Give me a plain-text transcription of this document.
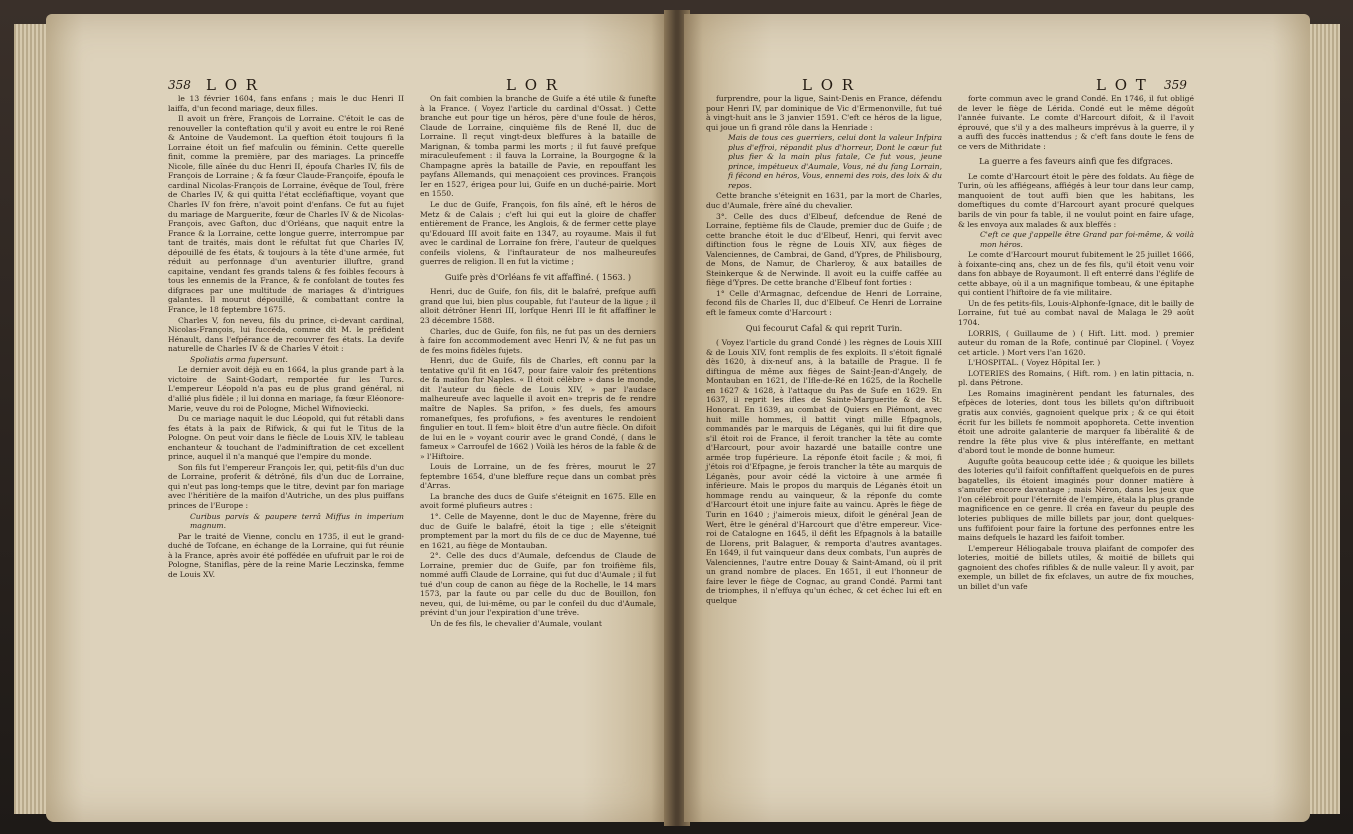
358 L O R	L O R

le 13 février 1604, fans enfans ; mais le duc Henri II laiffa, d'un fecond mariage, deux filles.

Il avoit un frère, François de Lorraine. C'étoit le cas de renouveller la conteftation qu'il y avoit eu entre le roi René & Antoine de Vaudemont. La queftion étoit toujours fi la Lorraine étoit un fief mafculin ou féminin. Cette querelle finit, comme la première, par des mariages. La princeffe Nicole, fille aînée du duc Henri II, époufa Charles IV, fils de François de Lorraine ; & fa fœur Claude-Françoife, époufa le cardinal Nicolas-François de Lorraine, évêque de Toul, frère de Charles IV, & qui quitta l'état eccléfiaftique, voyant que Charles IV fon frère, n'avoit point d'enfans. Ce fut au fujet du mariage de Marguerite, fœur de Charles IV & de Nicolas-François, avec Gafton, duc d'Orléans, que naquit entre la France & la Lorraine, cette longue guerre, interrompue par tant de traités, mais dont le réfultat fut que Charles IV, dépouillé de fes états, & toujours à la tête d'une armée, fut réduit au perfonnage d'un aventurier illuftre, grand capitaine, vendant fes grands talens & fes foibles fecours à tous les ennemis de la France, & fe confolant de toutes fes difgraces par une multitude de mariages & d'intrigues galantes. Il mourut dépouillé, & combattant contre la France, le 18 feptembre 1675.

Charles V, fon neveu, fils du prince, ci-devant cardinal, Nicolas-François, lui fuccéda, comme dit M. le préfident Hénault, dans l'efpérance de recouvrer fes états. La devife naturelle de Charles IV & de Charles V étoit :

Spoliatis arma fupersunt.

Le dernier avoit déjà eu en 1664, la plus grande part à la victoire de Saint-Godart, remportée fur les Turcs. L'empereur Léopold n'a pas eu de plus grand général, ni d'allié plus fidèle ; il lui donna en mariage, fa fœur Eléonore-Marie, veuve du roi de Pologne, Michel Wifnoviecki.

Du ce mariage naquit le duc Léopold, qui fut rétabli dans fes états à la paix de Rifwick, & qui fut le Titus de la Pologne. On peut voir dans le fiècle de Louis XIV, le tableau enchanteur & touchant de l'adminiftration de cet excellent prince, auquel il n'a manqué que l'empire du monde.

Son fils fut l'empereur François Ier, qui, petit-fils d'un duc de Lorraine, proferit & détrôné, fils d'un duc de Lorraine, qui n'eut pas long-temps que le titre, devint par fon mariage avec l'héritière de la maifon d'Autriche, un des plus puiffans princes de l'Europe :

Curibus parvis & paupere terrâ Miffus in imperium magnum.

Par le traité de Vienne, conclu en 1735, il eut le grand-duché de Tofcane, en échange de la Lorraine, qui fut réunie à la France, après avoir été poffédée en ufufruit par le roi de Pologne, Staniflas, père de la reine Marie Leczinska, femme de Louis XV.

On fait combien la branche de Guife a été utile & funefte à la France. ( Voyez l'article du cardinal d'Ossat. ) Cette branche eut pour tige un héros, père d'une foule de héros, Claude de Lorraine, cinquième fils de René II, duc de Lorraine. Il reçut vingt-deux bleffures à la bataille de Marignan, & tomba parmi les morts ; il fut fauvé prefque miraculeufement : il fauva la Lorraine, la Bourgogne & la Champagne après la bataille de Pavie, en repouffant les payfans Allemands, qui menaçoient ces provinces. François Ier en 1527, érigea pour lui, Guife en un duché-pairie. Mort en 1550.

Le duc de Guife, François, fon fils aîné, eft le héros de Metz & de Calais ; c'eft lui qui eut la gloire de chaffer entièrement de France, les Anglois, & de fermer cette playe qu'Edouard III avoit faite en 1347, au royaume. Mais il fut avec le cardinal de Lorraine fon frère, l'auteur de quelques confeils violens, & l'inftaurateur de nos malheureufes guerres de religion. Il en fut la victime ;

Guife près d'Orléans fe vit affaffiné. ( 1563. )

Henri, duc de Guife, fon fils, dit le balafré, prefque auffi grand que lui, bien plus coupable, fut l'auteur de la ligue ; il alloit détrôner Henri III, lorfque Henri III le fit affaffiner le 23 décembre 1588.

Charles, duc de Guife, fon fils, ne fut pas un des derniers à faire fon accommodement avec Henri IV, & ne fut pas un de fes moins fidèles fujets.

Henri, duc de Guife, fils de Charles, eft connu par la tentative qu'il fit en 1647, pour faire valoir fes prétentions de fa maifon fur Naples. « Il étoit célèbre » dans le monde, dit l'auteur du fiècle de Louis XIV, » par l'audace malheureufe avec laquelle il avoit en» trepris de fe rendre maître de Naples. Sa prifon, » fes duels, fes amours romanefques, fes profufions, » fes aventures le rendoient fingulier en tout. Il fem» bloit être d'un autre fiècle. On difoit de lui en le » voyant courir avec le grand Condé, ( dans le fameux » Carroufel de 1662 ) Voilà les héros de la fable & de » l'Hiftoire.

Louis de Lorraine, un de fes frères, mourut le 27 feptembre 1654, d'une bleffure reçue dans un combat près d'Arras.

La branche des ducs de Guife s'éteignit en 1675. Elle en avoit formé plufieurs autres :

1°. Celle de Mayenne, dont le duc de Mayenne, frère du duc de Guife le balafré, étoit la tige ; elle s'éteignit promptement par la mort du fils de ce duc de Mayenne, tué en 1621, au fiège de Montauban.

2°. Celle des ducs d'Aumale, defcendus de Claude de Lorraine, premier duc de Guife, par fon troifième fils, nommé auffi Claude de Lorraine, qui fut duc d'Aumale ; il fut tué d'un coup de canon au fiège de la Rochelle, le 14 mars 1573, par la faute ou par celle du duc de Bouillon, fon neveu, qui, de lui-même, ou par le confeil du duc d'Aumale, prévint d'un jour l'expiration d'une trêve.

Un de fes fils, le chevalier d'Aumale, voulant

L O R	L O T 359

furprendre, pour la ligue, Saint-Denis en France, défendu pour Henri IV, par dominique de Vic d'Ermenonville, fut tué à vingt-huit ans le 3 janvier 1591. C'eft ce héros de la ligue, qui joue un fi grand rôle dans la Henriade :

Mais de tous ces guerriers, celui dont la valeur Infpira plus d'effroi, répandit plus d'horreur, Dont le cœur fut plus fier & la main plus fatale, Ce fut vous, jeune prince, impétueux d'Aumale, Vous, né du fang Lorrain, fi fécond en héros, Vous, ennemi des rois, des loix & du repos.

Cette branche s'éteignit en 1631, par la mort de Charles, duc d'Aumale, frère aîné du chevalier.

3°. Celle des ducs d'Elbeuf, defcendue de René de Lorraine, feptième fils de Claude, premier duc de Guife ; de cette branche étoit le duc d'Elbeuf, Henri, qui fervit avec diftinction fous le règne de Louis XIV, aux fièges de Valenciennes, de Cambrai, de Gand, d'Ypres, de Philisbourg, de Mons, de Namur, de Charleroy, & aux batailles de Steinkerque & de Nerwinde. Il avoit eu la cuiffe caffée au fiège d'Ypres. De cette branche d'Elbeuf font forties :

1° Celle d'Armagnac, defcendue de Henri de Lorraine, fecond fils de Charles II, duc d'Elbeuf. Ce Henri de Lorraine eft le fameux comte d'Harcourt :

Qui fecourut Cafal & qui reprit Turin.

( Voyez l'article du grand Condé ) les règnes de Louis XIII & de Louis XIV, font remplis de fes exploits. Il s'étoit fignalé dès 1620, à dix-neuf ans, à la bataille de Prague. Il fe diftingua de même aux fièges de Saint-Jean-d'Angely, de Montauban en 1621, de l'Ifle-de-Ré en 1625, de la Rochelle en 1627 & 1628, à l'attaque du Pas de Sufe en 1629. En 1637, il reprit les ifles de Sainte-Marguerite & de St. Honorat. En 1639, au combat de Quiers en Piémont, avec huit mille hommes, il battit vingt mille Efpagnols, commandés par le marquis de Léganès, qui lui fit dire que s'il étoit roi de France, il feroit trancher la tête au comte d'Harcourt, pour avoir hazardé une bataille contre une armée trop fupérieure. La réponfe étoit facile ; & moi, fi j'étois roi d'Efpagne, je ferois trancher la tête au marquis de Léganès, pour avoir cédé la victoire à une armée fi inférieure. Mais le propos du marquis de Léganès étoit un hommage rendu au vainqueur, & la réponfe du comte d'Harcourt étoit une injure faite au vaincu. Après le fiège de Turin en 1640 ; j'aimerois mieux, difoit le général Jean de Wert, être le général d'Harcourt que d'être empereur. Vice-roi de Catalogne en 1645, il défit les Efpagnols à la bataille de Llorens, prit Balaguer, & remporta d'autres avantages. En 1649, il fut vainqueur dans deux combats, l'un auprès de Valenciennes, l'autre entre Douay & Saint-Amand, où il prit un grand nombre de places. En 1651, il eut l'honneur de faire lever le fiège de Cognac, au grand Condé. Parmi tant de triomphes, il n'effuya qu'un échec, & cet échec lui eft en quelque

forte commun avec le grand Condé. En 1746, il fut obligé de lever le fiège de Lérida. Condé eut le même dégoût l'année fuivante. Le comte d'Harcourt difoit, & il l'avoit éprouvé, que s'il y a des malheurs imprévus à la guerre, il y a auffi des fuccès inattendus ; & c'eft fans doute le fens de ce vers de Mithridate :

La guerre a fes faveurs ainfi que fes difgraces.

Le comte d'Harcourt étoit le père des foldats. Au fiège de Turin, où les affiégeans, affiégés à leur tour dans leur camp, manquoient de tout auffi bien que les habitans, les domeftiques du comte d'Harcourt ayant procuré quelques barils de vin pour fa table, il ne voulut point en faire ufage, & les envoya aux malades & aux bleffés :

C'eft ce que j'appelle être Grand par foi-même, & voilà mon héros.

Le comte d'Harcourt mourut fubitement le 25 juillet 1666, à foixante-cinq ans, chez un de fes fils, qu'il étoit venu voir dans fon abbaye de Royaumont. Il eft enterré dans l'églife de cette abbaye, où il a un magnifique tombeau, & une épitaphe qui contient l'hiftoire de fa vie militaire.

Un de fes petits-fils, Louis-Alphonfe-Ignace, dit le bailly de Lorraine, fut tué au combat naval de Malaga le 29 août 1704.

LORRIS, ( Guillaume de ) ( Hift. Litt. mod. ) premier auteur du roman de la Rofe, continué par Clopinel. ( Voyez cet article. ) Mort vers l'an 1620.

L'HOSPITAL. ( Voyez Hôpital Ier. )

LOTERIES des Romains, ( Hift. rom. ) en latin pittacia, n. pl. dans Pétrone.

Les Romains imaginèrent pendant les faturnales, des efpèces de loteries, dont tous les billets qu'on diftribuoit gratis aux conviés, gagnoient quelque prix ; & ce qui étoit écrit fur les billets fe nommoit apophoreta. Cette invention étoit une adroite galanterie de marquer fa libéralité & de rendre la fête plus vive & plus intéreffante, en mettant d'abord tout le monde de bonne humeur.

Augufte goûta beaucoup cette idée ; & quoique les billets des loteries qu'il faifoit confiftaffent quelquefois en de pures bagatelles, ils étoient imaginés pour donner matière à s'amufer encore davantage ; mais Néron, dans les jeux que l'on célébroit pour l'éternité de l'empire, étala la plus grande magnificence en ce genre. Il créa en faveur du peuple des loteries publiques de mille billets par jour, dont quelques-uns fuffifoient pour faire la fortune des perfonnes entre les mains defquels le hazard les faifoit tomber.

L'empereur Héliogabale trouva plaifant de compofer des loteries, moitié de billets utiles, & moitié de billets qui gagnoient des chofes rifibles & de nulle valeur. Il y avoit, par exemple, un billet de fix efclaves, un autre de fix mouches, un billet d'un vafe
